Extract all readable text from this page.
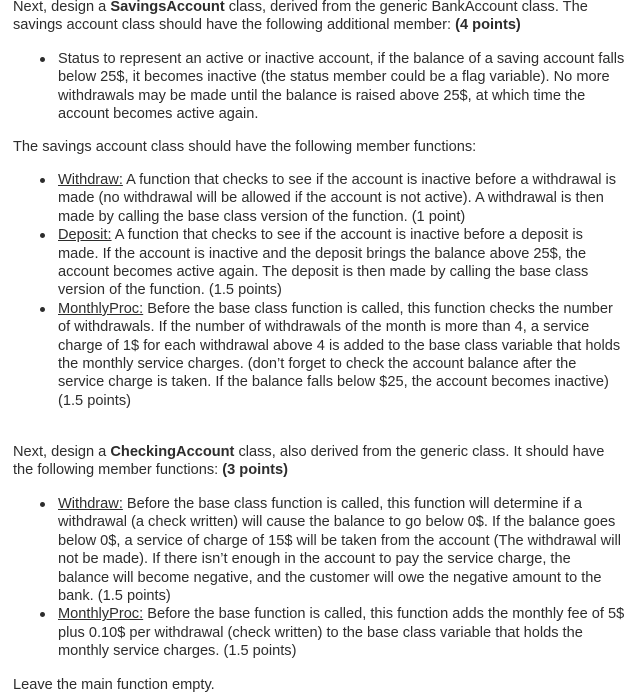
Next, design a SavingsAccount class, derived from the generic BankAccount class. The savings account class should have the following additional member: (4 points)

Status to represent an active or inactive account, if the balance of a saving account falls below 25$, it becomes inactive (the status member could be a flag variable). No more withdrawals may be made until the balance is raised above 25$, at which time the account becomes active again.

The savings account class should have the following member functions:

Withdraw: A function that checks to see if the account is inactive before a withdrawal is made (no withdrawal will be allowed if the account is not active). A withdrawal is then made by calling the base class version of the function. (1 point)
Deposit: A function that checks to see if the account is inactive before a deposit is made. If the account is inactive and the deposit brings the balance above 25$, the account becomes active again. The deposit is then made by calling the base class version of the function. (1.5 points)
MonthlyProc: Before the base class function is called, this function checks the number of withdrawals. If the number of withdrawals of the month is more than 4, a service charge of 1$ for each withdrawal above 4 is added to the base class variable that holds the monthly service charges. (don’t forget to check the account balance after the service charge is taken. If the balance falls below $25, the account becomes inactive) (1.5 points)

Next, design a CheckingAccount class, also derived from the generic class. It should have the following member functions: (3 points)

Withdraw: Before the base class function is called, this function will determine if a withdrawal (a check written) will cause the balance to go below 0$. If the balance goes below 0$, a service of charge of 15$ will be taken from the account (The withdrawal will not be made). If there isn’t enough in the account to pay the service charge, the balance will become negative, and the customer will owe the negative amount to the bank. (1.5 points)
MonthlyProc: Before the base function is called, this function adds the monthly fee of 5$ plus 0.10$ per withdrawal (check written) to the base class variable that holds the monthly service charges. (1.5 points)

Leave the main function empty.
